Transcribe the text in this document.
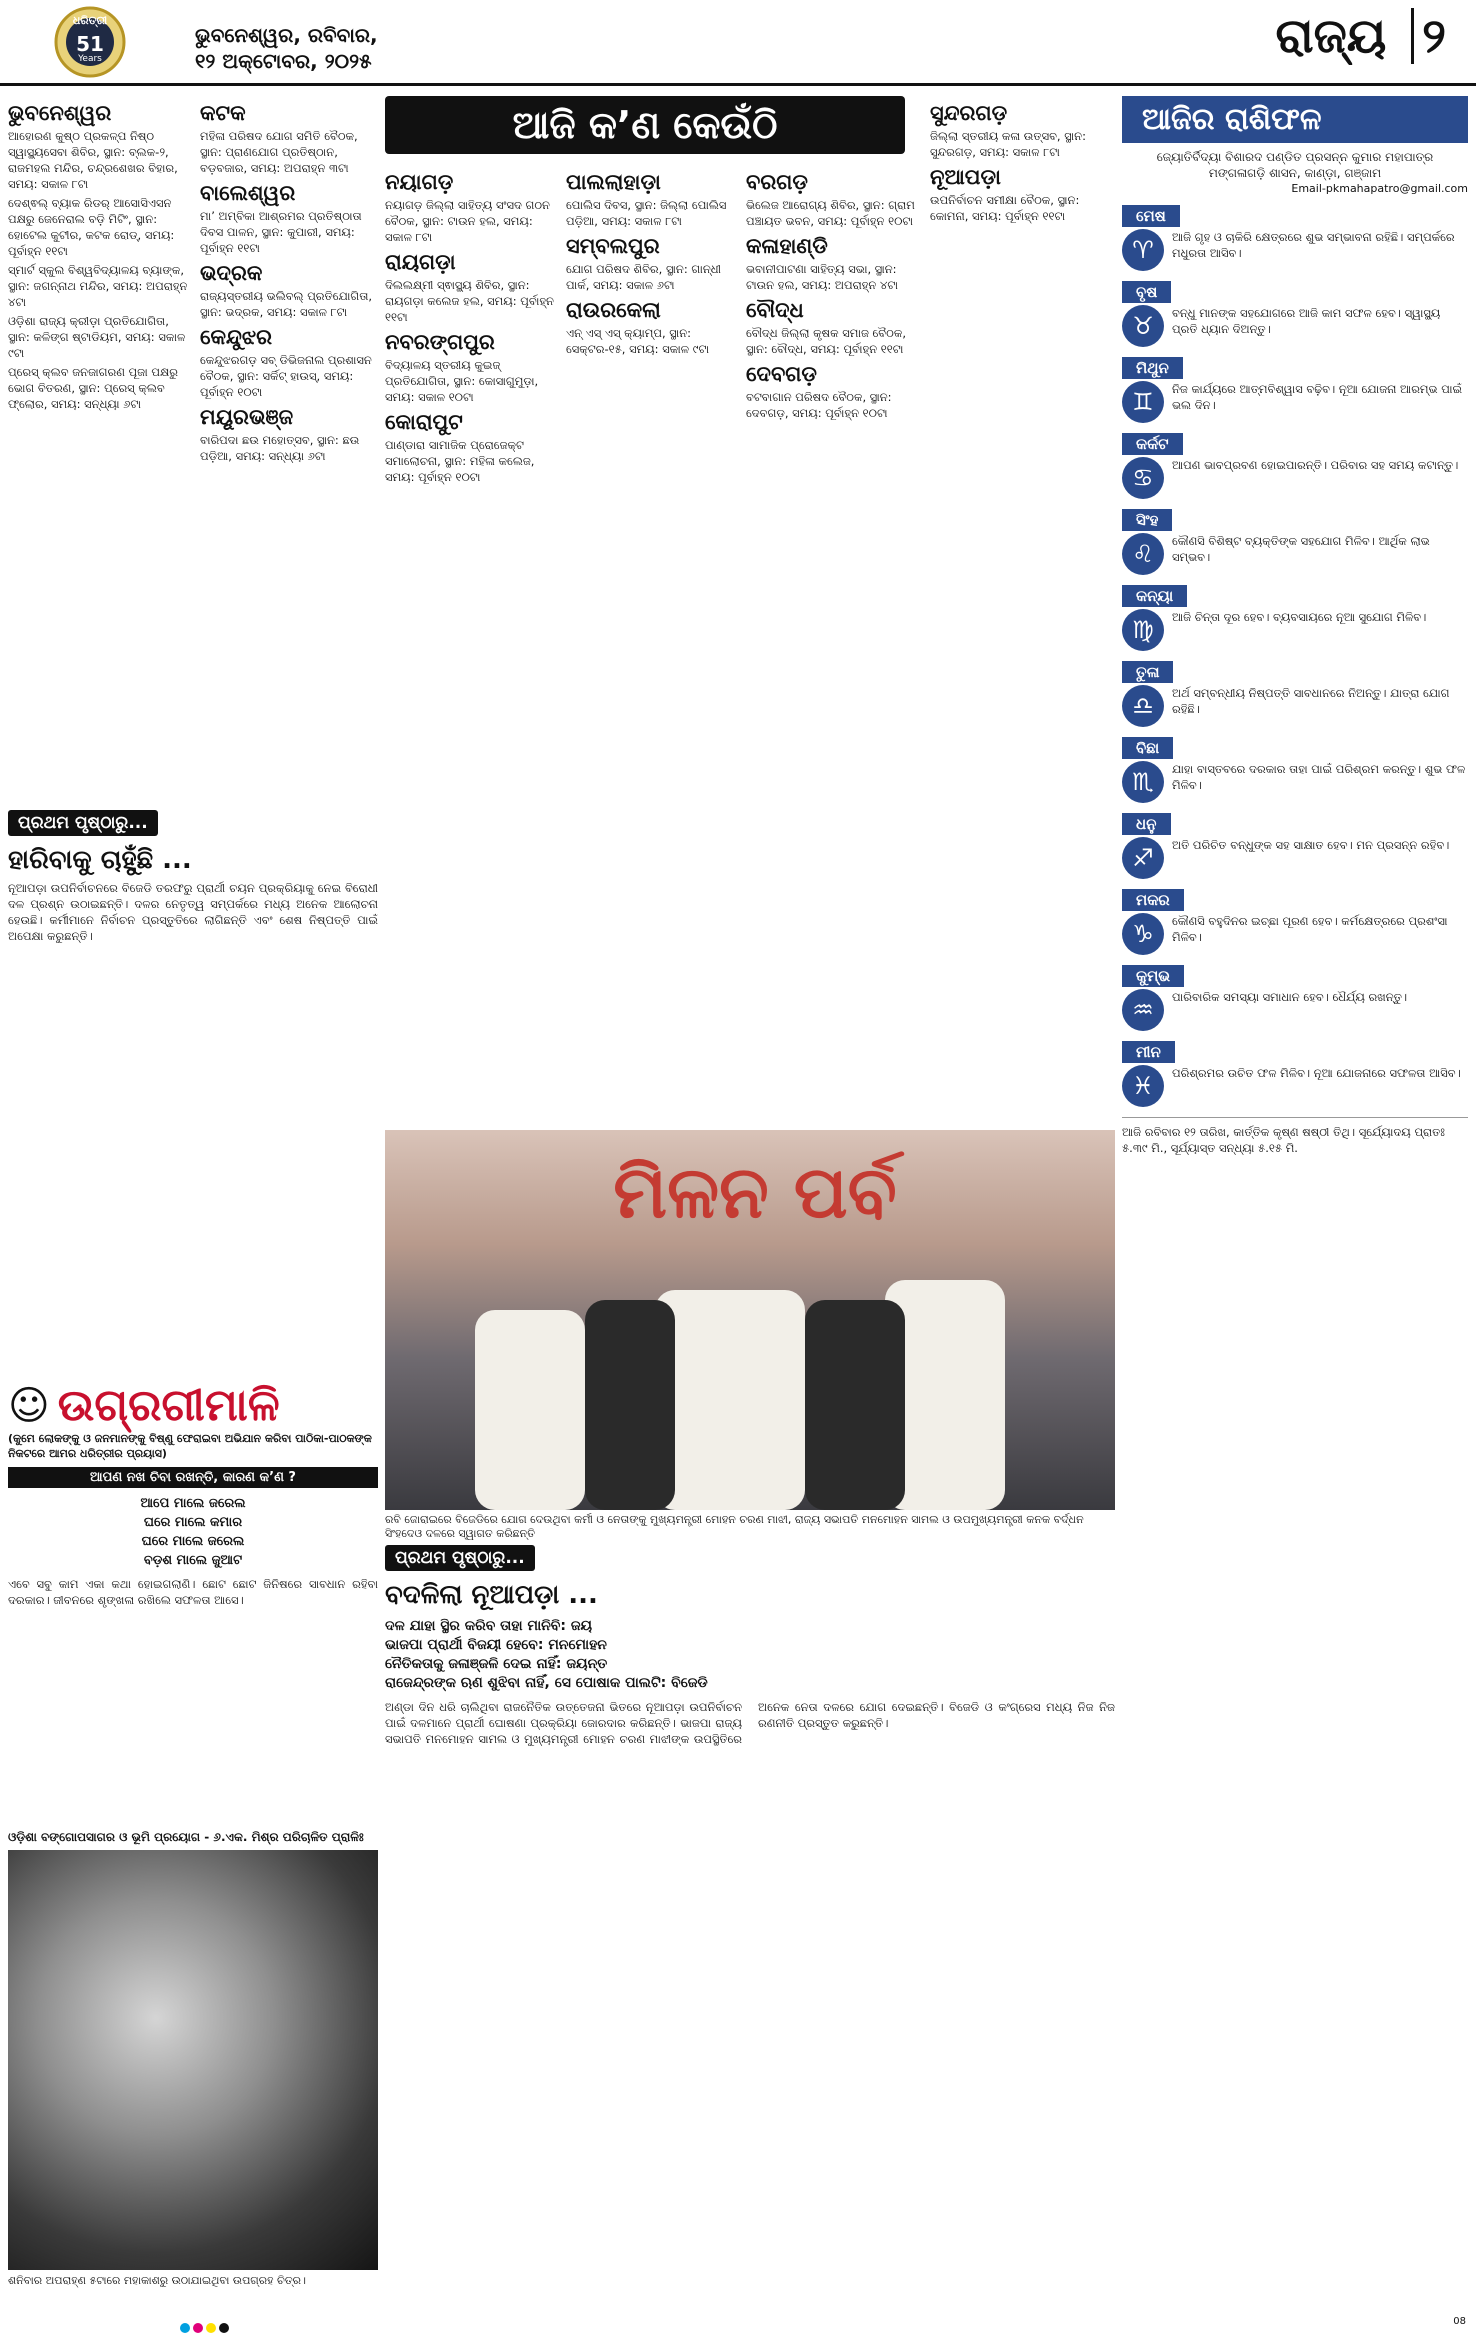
ଧରିତ୍ରୀ
51
Years
ଭୁବନେଶ୍ୱର, ରବିବାର,
୧୨ ଅକ୍ଟୋବର, ୨୦୨୫	ରାଜ୍ୟ ୨
ଆଜି କ’ଣ କେଉଁଠି
ଭୁବନେଶ୍ୱର
ଆହୋରଣ କୁଷ୍ଠ ପ୍ରକଳ୍ପ ନିଷ୍ଠ ସ୍ୱାସ୍ଥ୍ୟସେବା ଶିବିର, ସ୍ଥାନ: ବ୍ଲକ-୨, ରାଜମହଲ ମନ୍ଦିର, ଚନ୍ଦ୍ରଶେଖର ବିହାର, ସମୟ: ସକାଳ ୮ଟା
ଦେଶ୍ଵଲ୍ ବ୍ୟାକ ରିଡର୍ ଆସୋସିଏସନ ପକ୍ଷରୁ ଜେନେରାଲ ବଡ଼ି ମିଟିଂ, ସ୍ଥାନ: ହୋଟେଲ କୁଟୀର, କଟକ ରୋଡ୍, ସମୟ: ପୂର୍ବାହ୍ନ ୧୧ଟା
ସ୍ମାର୍ଟ ସ୍କୁଲ ବିଶ୍ୱବିଦ୍ୟାଳୟ ବ୍ୟାଙ୍କ, ସ୍ଥାନ: ଜଗନ୍ନାଥ ମନ୍ଦିର, ସମୟ: ଅପରାହ୍ନ ୪ଟା
ଓଡ଼ିଶା ରାଜ୍ୟ କ୍ରୀଡ଼ା ପ୍ରତିଯୋଗିତା, ସ୍ଥାନ: କଳିଙ୍ଗ ଷ୍ଟାଡିୟମ, ସମୟ: ସକାଳ ୯ଟା
ପ୍ରେସ୍ କ୍ଲବ ଜନଜାଗରଣ ପୂଜା ପକ୍ଷରୁ ଭୋଗ ବିତରଣ, ସ୍ଥାନ: ପ୍ରେସ୍ କ୍ଲବ ଫ୍ଲୋର, ସମୟ: ସନ୍ଧ୍ୟା ୬ଟା
କଟକ
ମହିଳା ପରିଷଦ ଯୋଗ ସମିତି ବୈଠକ, ସ୍ଥାନ: ପ୍ରାଣଯୋଗ ପ୍ରତିଷ୍ଠାନ, ବଡ଼ବଜାର, ସମୟ: ଅପରାହ୍ନ ୩ଟା
ବାଲେଶ୍ୱର
ମା’ ଅମ୍ବିକା ଆଶ୍ରମର ପ୍ରତିଷ୍ଠାତା ଦିବସ ପାଳନ, ସ୍ଥାନ: କୁପାରୀ, ସମୟ: ପୂର୍ବାହ୍ନ ୧୧ଟା
ଭଦ୍ରକ
ରାଜ୍ୟସ୍ତରୀୟ ଭଲିବଲ୍ ପ୍ରତିଯୋଗିତା, ସ୍ଥାନ: ଭଦ୍ରକ, ସମୟ: ସକାଳ ୮ଟା
କେନ୍ଦୁଝର
କେନ୍ଦୁଝରଗଡ଼ ସବ୍ ଡିଭିଜନାଲ ପ୍ରଶାସନ ବୈଠକ, ସ୍ଥାନ: ସର୍କିଟ୍ ହାଉସ୍, ସମୟ: ପୂର୍ବାହ୍ନ ୧୦ଟା
ମୟୂରଭଞ୍ଜ
ବାରିପଦା ଛଉ ମହୋତ୍ସବ, ସ୍ଥାନ: ଛଉ ପଡ଼ିଆ, ସମୟ: ସନ୍ଧ୍ୟା ୬ଟା
ନୟାଗଡ଼
ନୟାଗଡ଼ ଜିଲ୍ଲା ସାହିତ୍ୟ ସଂସଦ ଗଠନ ବୈଠକ, ସ୍ଥାନ: ଟାଉନ ହଲ, ସମୟ: ସକାଳ ୮ଟା
ରାୟଗଡ଼ା
ଦିଲଲକ୍ଷ୍ମୀ ସ୍ଵାସ୍ଥ୍ୟ ଶିବିର, ସ୍ଥାନ: ରାୟଗଡ଼ା କଲେଜ ହଲ, ସମୟ: ପୂର୍ବାହ୍ନ ୧୧ଟା
ନବରଙ୍ଗପୁର
ବିଦ୍ୟାଳୟ ସ୍ତରୀୟ କୁଇଜ୍ ପ୍ରତିଯୋଗିତା, ସ୍ଥାନ: କୋସାଗୁମୁଡ଼ା, ସମୟ: ସକାଳ ୧୦ଟା
କୋରାପୁଟ
ପାଣ୍ଡାରା ସାମାଜିକ ପ୍ରୋଜେକ୍ଟ ସମାଲୋଚନା, ସ୍ଥାନ: ମହିଳା କଲେଜ, ସମୟ: ପୂର୍ବାହ୍ନ ୧୦ଟା
ପାଲଲାହାଡ଼ା
ପୋଲିସ ଦିବସ, ସ୍ଥାନ: ଜିଲ୍ଲା ପୋଲିସ ପଡ଼ିଆ, ସମୟ: ସକାଳ ୮ଟା
ସମ୍ବଲପୁର
ଯୋଗ ପରିଷଦ ଶିବିର, ସ୍ଥାନ: ଗାନ୍ଧୀ ପାର୍କ, ସମୟ: ସକାଳ ୬ଟା
ରାଉରକେଲା
ଏନ୍ ଏସ୍ ଏସ୍ କ୍ୟାମ୍ପ, ସ୍ଥାନ: ସେକ୍ଟର-୧୫, ସମୟ: ସକାଳ ୯ଟା
ବରଗଡ଼
ଭିଲେଜ ଆରୋଗ୍ୟ ଶିବିର, ସ୍ଥାନ: ଗ୍ରାମ ପଞ୍ଚାୟତ ଭବନ, ସମୟ: ପୂର୍ବାହ୍ନ ୧୦ଟା
କଳାହାଣ୍ଡି
ଭବାନୀପାଟଣା ସାହିତ୍ୟ ସଭା, ସ୍ଥାନ: ଟାଉନ ହଲ, ସମୟ: ଅପରାହ୍ନ ୪ଟା
ବୌଦ୍ଧ
ବୌଦ୍ଧ ଜିଲ୍ଲା କୃଷକ ସମାଜ ବୈଠକ, ସ୍ଥାନ: ବୌଦ୍ଧ, ସମୟ: ପୂର୍ବାହ୍ନ ୧୧ଟା
ଦେବଗଡ଼
ବଟବାଗାନ ପରିଷଦ ବୈଠକ, ସ୍ଥାନ: ଦେବଗଡ଼, ସମୟ: ପୂର୍ବାହ୍ନ ୧୦ଟା
ସୁନ୍ଦରଗଡ଼
ଜିଲ୍ଲା ସ୍ତରୀୟ କଳା ଉତ୍ସବ, ସ୍ଥାନ: ସୁନ୍ଦରଗଡ଼, ସମୟ: ସକାଳ ୮ଟା
ନୂଆପଡ଼ା
ଉପନିର୍ବାଚନ ସମୀକ୍ଷା ବୈଠକ, ସ୍ଥାନ: କୋମନା, ସମୟ: ପୂର୍ବାହ୍ନ ୧୧ଟା
ଆଜିର ରାଶିଫଳ
ଜ୍ୟୋତିର୍ବିଦ୍ୟା ବିଶାରଦ ପଣ୍ଡିତ ପ୍ରସନ୍ନ କୁମାର ମହାପାତ୍ର
ମଙ୍ଗଳାଗଡ଼ି ଶାସନ, କାଣ୍ଡ଼ା, ଗଞ୍ଜାମ
Email-pkmahapatro@gmail.com
ମେଷ
♈	ଆଜି ଗୃହ ଓ ଚାକିରି କ୍ଷେତ୍ରରେ ଶୁଭ ସମ୍ଭାବନା ରହିଛି। ସମ୍ପର୍କରେ ମଧୁରତା ଆସିବ।
ବୃଷ
♉	ବନ୍ଧୁ ମାନଙ୍କ ସହଯୋଗରେ ଆଜି କାମ ସଫଳ ହେବ। ସ୍ୱାସ୍ଥ୍ୟ ପ୍ରତି ଧ୍ୟାନ ଦିଅନ୍ତୁ।
ମିଥୁନ
♊	ନିଜ କାର୍ଯ୍ୟରେ ଆତ୍ମବିଶ୍ୱାସ ବଢ଼ିବ। ନୂଆ ଯୋଜନା ଆରମ୍ଭ ପାଇଁ ଭଲ ଦିନ।
କର୍କଟ
♋	ଆପଣ ଭାବପ୍ରବଣ ହୋଇପାରନ୍ତି। ପରିବାର ସହ ସମୟ କଟାନ୍ତୁ।
ସିଂହ
♌	କୌଣସି ବିଶିଷ୍ଟ ବ୍ୟକ୍ତିଙ୍କ ସହଯୋଗ ମିଳିବ। ଆର୍ଥିକ ଲାଭ ସମ୍ଭବ।
କନ୍ୟା
♍	ଆଜି ଚିନ୍ତା ଦୂର ହେବ। ବ୍ୟବସାୟରେ ନୂଆ ସୁଯୋଗ ମିଳିବ।
ତୁଳା
♎	ଅର୍ଥ ସମ୍ବନ୍ଧୀୟ ନିଷ୍ପତ୍ତି ସାବଧାନରେ ନିଅନ୍ତୁ। ଯାତ୍ରା ଯୋଗ ରହିଛି।
ବିଛା
♏	ଯାହା ବାସ୍ତବରେ ଦରକାର ତାହା ପାଇଁ ପରିଶ୍ରମ କରନ୍ତୁ। ଶୁଭ ଫଳ ମିଳିବ।
ଧନୁ
♐	ଅତି ପରିଚିତ ବନ୍ଧୁଙ୍କ ସହ ସାକ୍ଷାତ ହେବ। ମନ ପ୍ରସନ୍ନ ରହିବ।
ମକର
♑	କୌଣସି ବହୁଦିନର ଇଚ୍ଛା ପୂରଣ ହେବ। କର୍ମକ୍ଷେତ୍ରରେ ପ୍ରଶଂସା ମିଳିବ।
କୁମ୍ଭ
♒	ପାରିବାରିକ ସମସ୍ୟା ସମାଧାନ ହେବ। ଧୈର୍ଯ୍ୟ ରଖନ୍ତୁ।
ମୀନ
♓	ପରିଶ୍ରମର ଉଚିତ ଫଳ ମିଳିବ। ନୂଆ ଯୋଜନାରେ ସଫଳତା ଆସିବ।
ଆଜି ରବିବାର ୧୨ ତାରିଖ, କାର୍ତ୍ତିକ କୃଷ୍ଣ ଷଷ୍ଠୀ ତିଥି। ସୂର୍ଯ୍ୟୋଦୟ ପ୍ରାତଃ ୫.୩୯ ମି., ସୂର୍ଯ୍ୟାସ୍ତ ସନ୍ଧ୍ୟା ୫.୧୫ ମି.
ପ୍ରଥମ ପୃଷ୍ଠାରୁ...
ହାରିବାକୁ ଚାହୁଁଛି ...
ନୂଆପଡ଼ା ଉପନିର୍ବାଚନରେ ବିଜେଡି ତରଫରୁ ପ୍ରାର୍ଥୀ ଚୟନ ପ୍ରକ୍ରିୟାକୁ ନେଇ ବିରୋଧୀ ଦଳ ପ୍ରଶ୍ନ ଉଠାଇଛନ୍ତି। ଦଳର ନେତୃତ୍ୱ ସମ୍ପର୍କରେ ମଧ୍ୟ ଅନେକ ଆଲୋଚନା ହେଉଛି। କର୍ମୀମାନେ ନିର୍ବାଚନ ପ୍ରସ୍ତୁତିରେ ଲାଗିଛନ୍ତି ଏବଂ ଶେଷ ନିଷ୍ପତ୍ତି ପାଇଁ ଅପେକ୍ଷା କରୁଛନ୍ତି।
ମିଳନ ପର୍ବ
ରବି ଜୋରାଇରେ ବିଜେଡିରେ ଯୋଗ ଦେଉଥିବା କର୍ମୀ ଓ ନେତାଙ୍କୁ ମୁଖ୍ୟମନ୍ତ୍ରୀ ମୋହନ ଚରଣ ମାଝୀ, ରାଜ୍ୟ ସଭାପତି ମନମୋହନ ସାମଲ ଓ ଉପମୁଖ୍ୟମନ୍ତ୍ରୀ କନକ ବର୍ଦ୍ଧନ ସିଂହଦେଓ ଦଳରେ ସ୍ୱାଗତ କରିଛନ୍ତି
☺ ଉଗ୍ରଗୀମାଳି
(କୁମେ ଲୋକଙ୍କୁ ଓ ଜନମାନଙ୍କୁ ବିଷ୍ଣୁ ଫେରାଇବା ଅଭିଯାନ କରିବା ପାଠିକା-ପାଠକଙ୍କ ନିକଟରେ ଆମର ଧରିତ୍ରୀର ପ୍ରୟାସ)
ଆପଣ ନଖ ଚିବା ରଖନ୍ତି, କାରଣ କ’ଣ ?
ଆପେ ମାଲେ ଜରେଲ
ଘରେ ମାଲେ କମାର
ଘରେ ମାଲେ ଜରେଲ
ବଡ଼ଶ ମାଲେ ଜୁଆଟ
ଏବେ ସବୁ କାମ ଏକା କଥା ହୋଇଗଲାଣି। ଛୋଟ ଛୋଟ ଜିନିଷରେ ସାବଧାନ ରହିବା ଦରକାର। ଜୀବନରେ ଶୃଙ୍ଖଳା ରଖିଲେ ସଫଳତା ଆସେ।
ଓଡ଼ିଶା ବଙ୍ଗୋପସାଗର ଓ ଭୂମି ପ୍ରୟୋଗ - ୬.ଏକ. ମିଶ୍ର ପରିଚାଳିତ ପ୍ରାଳିଃ
ଶନିବାର ଅପରାହ୍ଣ ୫ଟାରେ ମହାକାଶରୁ ଉଠାଯାଇଥିବା ଉପଗ୍ରହ ଚିତ୍ର।
ପ୍ରଥମ ପୃଷ୍ଠାରୁ...
ବଦଳିଲା ନୂଆପଡ଼ା ...
ଦଳ ଯାହା ସ୍ଥିର କରିବ ତାହା ମାନିବି: ଜୟ
ଭାଜପା ପ୍ରାର୍ଥୀ ବିଜୟୀ ହେବେ: ମନମୋହନ
ନୈତିକତାକୁ ଜଳାଞ୍ଜଳି ଦେଇ ନାହିଁ: ଜୟନ୍ତ
ରାଜେନ୍ଦ୍ରଙ୍କ ଋଣ ଶୁଝିବା ନାହିଁ, ସେ ପୋଷାକ ପାଲଟି: ବିଜେଡି
ଅଣ୍ଡା ଦିନ ଧରି ଚାଲିଥିବା ରାଜନୈତିକ ଉତ୍ତେଜନା ଭିତରେ ନୂଆପଡ଼ା ଉପନିର୍ବାଚନ ପାଇଁ ଦଳମାନେ ପ୍ରାର୍ଥୀ ଘୋଷଣା ପ୍ରକ୍ରିୟା ଜୋରଦାର କରିଛନ୍ତି। ଭାଜପା ରାଜ୍ୟ ସଭାପତି ମନମୋହନ ସାମଲ ଓ ମୁଖ୍ୟମନ୍ତ୍ରୀ ମୋହନ ଚରଣ ମାଝୀଙ୍କ ଉପସ୍ଥିତିରେ ଅନେକ ନେତା ଦଳରେ ଯୋଗ ଦେଇଛନ୍ତି। ବିଜେଡି ଓ କଂଗ୍ରେସ ମଧ୍ୟ ନିଜ ନିଜ ରଣନୀତି ପ୍ରସ୍ତୁତ କରୁଛନ୍ତି।
08
